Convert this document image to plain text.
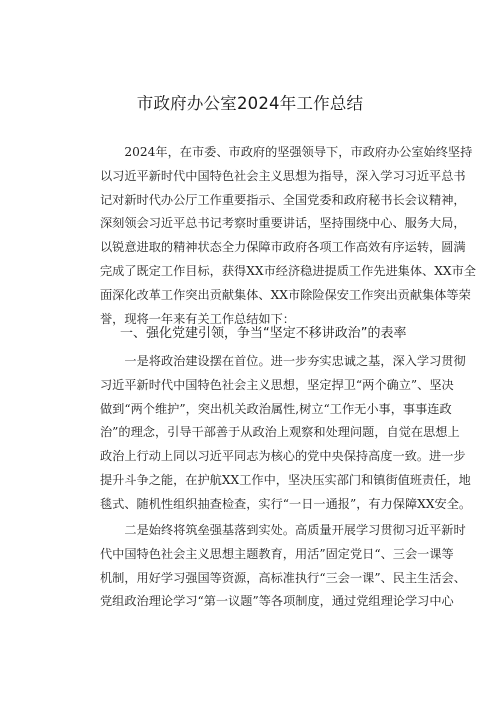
市政府办公室2024年工作总结
2024年，在市委、市政府的坚强领导下，市政府办公室始终坚持
以习近平新时代中国特色社会主义思想为指导，深入学习习近平总书
记对新时代办公厅工作重要指示、全国党委和政府秘书长会议精神，
深刻领会习近平总书记考察时重要讲话，坚持围绕中心、服务大局，
以锐意进取的精神状态全力保障市政府各项工作高效有序运转，圆满
完成了既定工作目标，获得XX市经济稳进提质工作先进集体、XX市全
面深化改革工作突出贡献集体、XX市除险保安工作突出贡献集体等荣
誉，现将一年来有关工作总结如下：
一、强化党建引领，争当“坚定不移讲政治”的表率
一是将政治建设摆在首位。进一步夯实忠诚之基，深入学习贯彻
习近平新时代中国特色社会主义思想，坚定捍卫“两个确立”、坚决
做到“两个维护”，突出机关政治属性,树立“工作无小事，事事连政
治”的理念，引导干部善于从政治上观察和处理问题，自觉在思想上
政治上行动上同以习近平同志为核心的党中央保持高度一致。进一步
提升斗争之能，在护航XX工作中，坚决压实部门和镇街值班责任，地
毯式、随机性组织抽查检查，实行“一日一通报”，有力保障XX安全。
二是始终将筑垒强基落到实处。高质量开展学习贯彻习近平新时
代中国特色社会主义思想主题教育，用活”固定党日“、三会一课等
机制，用好学习强国等资源，高标准执行“三会一课”、民主生活会、
党组政治理论学习“第一议题”等各项制度，通过党组理论学习中心
